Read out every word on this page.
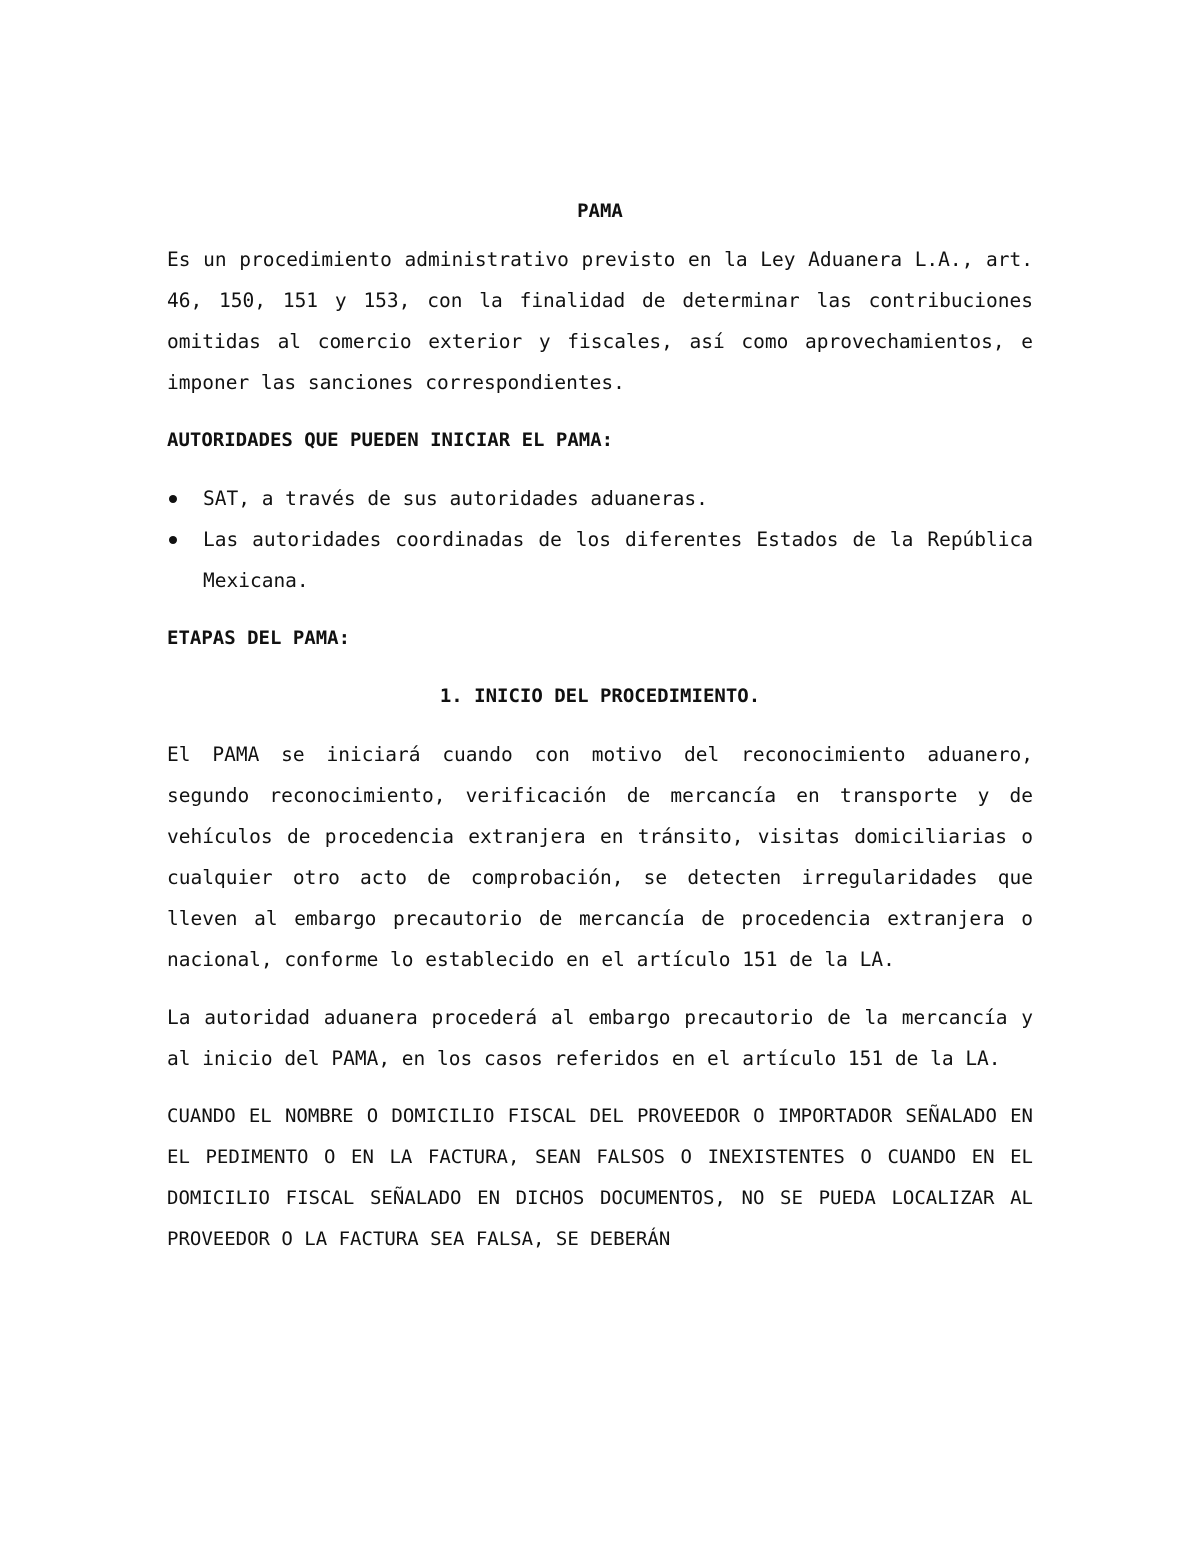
PAMA

Es un procedimiento administrativo previsto en la Ley Aduanera L.A., art. 46, 150, 151 y 153, con la finalidad de determinar las contribuciones omitidas al comercio exterior y fiscales, así como aprovechamientos, e imponer las sanciones correspondientes.

AUTORIDADES QUE PUEDEN INICIAR EL PAMA:
SAT, a través de sus autoridades aduaneras.
Las autoridades coordinadas de los diferentes Estados de la República Mexicana.
ETAPAS DEL PAMA:
1. INICIO DEL PROCEDIMIENTO.

El PAMA se iniciará cuando con motivo del reconocimiento aduanero, segundo reconocimiento, verificación de mercancía en transporte y de vehículos de procedencia extranjera en tránsito, visitas domiciliarias o cualquier otro acto de comprobación, se detecten irregularidades que lleven al embargo precautorio de mercancía de procedencia extranjera o nacional, conforme lo establecido en el artículo 151 de la LA.

La autoridad aduanera procederá al embargo precautorio de la mercancía y al inicio del PAMA, en los casos referidos en el artículo 151 de la LA.

CUANDO EL NOMBRE O DOMICILIO FISCAL DEL PROVEEDOR O IMPORTADOR SEÑALADO EN EL PEDIMENTO O EN LA FACTURA, SEAN FALSOS O INEXISTENTES O CUANDO EN EL DOMICILIO FISCAL SEÑALADO EN DICHOS DOCUMENTOS, NO SE PUEDA LOCALIZAR AL PROVEEDOR O LA FACTURA SEA FALSA, SE DEBERÁN
